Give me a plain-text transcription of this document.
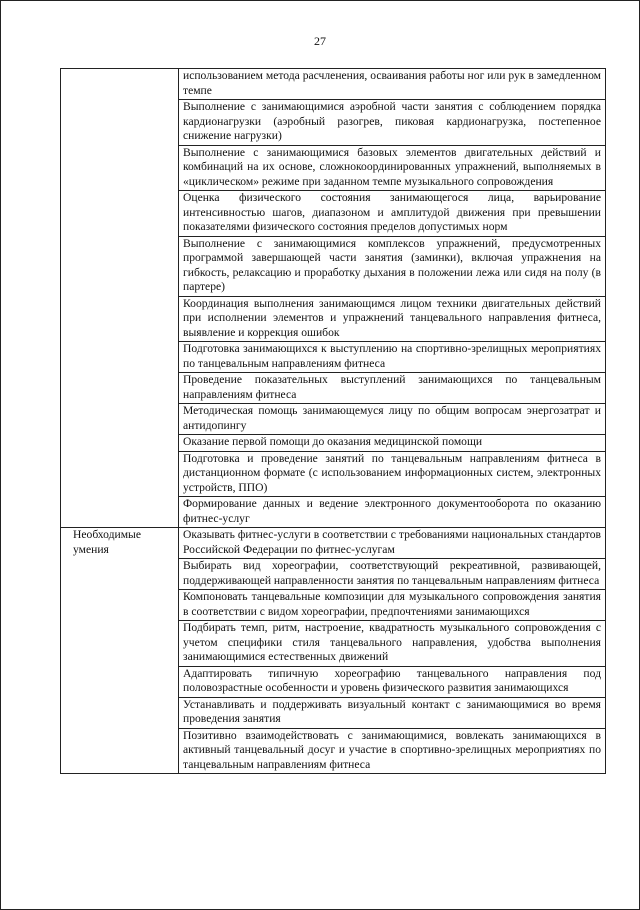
27
	использованием метода расчленения, осваивания работы ног или рук в замедленном темпе
	Выполнение с занимающимися аэробной части занятия с соблюдением порядка кардионагрузки (аэробный разогрев, пиковая кардионагрузка, постепенное снижение нагрузки)
	Выполнение с занимающимися базовых элементов двигательных действий и комбинаций на их основе, сложнокоординированных упражнений, выполняемых в «циклическом» режиме при заданном темпе музыкального сопровождения
	Оценка физического состояния занимающегося лица, варьирование интенсивностью шагов, диапазоном и амплитудой движения при превышении показателями физического состояния пределов допустимых норм
	Выполнение с занимающимися комплексов упражнений, предусмотренных программой завершающей части занятия (заминки), включая упражнения на гибкость, релаксацию и проработку дыхания в положении лежа или сидя на полу (в партере)
	Координация выполнения занимающимся лицом техники двигательных действий при исполнении элементов и упражнений танцевального направления фитнеса, выявление и коррекция ошибок
	Подготовка занимающихся к выступлению на спортивно-зрелищных мероприятиях по танцевальным направлениям фитнеса
	Проведение показательных выступлений занимающихся по танцевальным направлениям фитнеса
	Методическая помощь занимающемуся лицу по общим вопросам энергозатрат и антидопингу
	Оказание первой помощи до оказания медицинской помощи
	Подготовка и проведение занятий по танцевальным направлениям фитнеса в дистанционном формате (с использованием информационных систем, электронных устройств, ППО)
	Формирование данных и ведение электронного документооборота по оказанию фитнес-услуг
Необходимые умения	Оказывать фитнес-услуги в соответствии с требованиями национальных стандартов Российской Федерации по фитнес-услугам
	Выбирать вид хореографии, соответствующий рекреативной, развивающей, поддерживающей направленности занятия по танцевальным направлениям фитнеса
	Компоновать танцевальные композиции для музыкального сопровождения занятия в соответствии с видом хореографии, предпочтениями занимающихся
	Подбирать темп, ритм, настроение, квадратность музыкального сопровождения с учетом специфики стиля танцевального направления, удобства выполнения занимающимися естественных движений
	Адаптировать типичную хореографию танцевального направления под половозрастные особенности и уровень физического развития занимающихся
	Устанавливать и поддерживать визуальный контакт с занимающимися во время проведения занятия
	Позитивно взаимодействовать с занимающимися, вовлекать занимающихся в активный танцевальный досуг и участие в спортивно-зрелищных мероприятиях по танцевальным направлениям фитнеса
